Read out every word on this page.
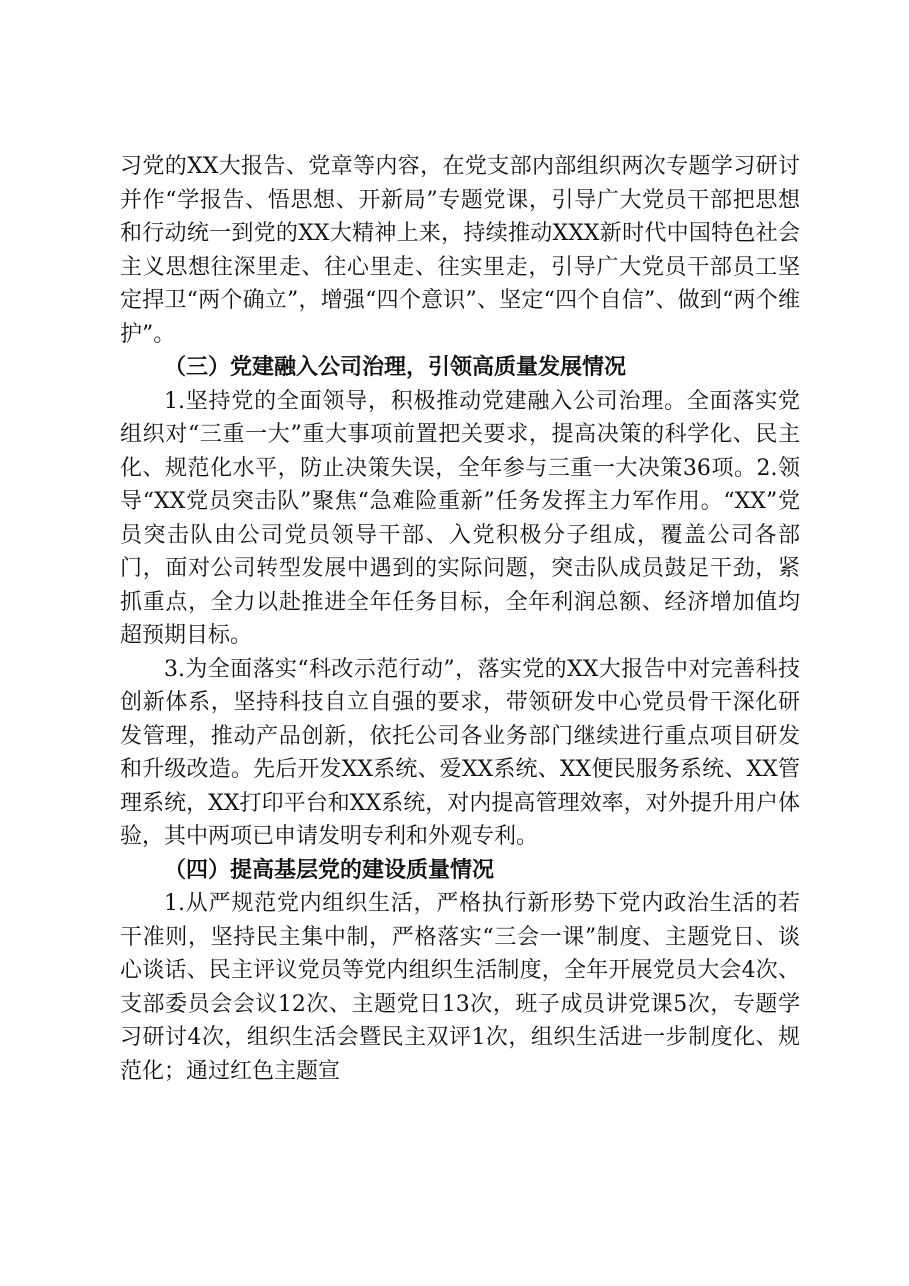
习党的XX大报告、党章等内容，在党支部内部组织两次专题学习研讨并作“学报告、悟思想、开新局”专题党课，引导广大党员干部把思想和行动统一到党的XX大精神上来，持续推动XXX新时代中国特色社会主义思想往深里走、往心里走、往实里走，引导广大党员干部员工坚定捍卫“两个确立”，增强“四个意识”、坚定“四个自信”、做到“两个维护”。

（三）党建融入公司治理，引领高质量发展情况

1.坚持党的全面领导，积极推动党建融入公司治理。全面落实党组织对“三重一大”重大事项前置把关要求，提高决策的科学化、民主化、规范化水平，防止决策失误，全年参与三重一大决策36项。2.领导“XX党员突击队”聚焦“急难险重新”任务发挥主力军作用。“XX”党员突击队由公司党员领导干部、入党积极分子组成，覆盖公司各部门，面对公司转型发展中遇到的实际问题，突击队成员鼓足干劲，紧抓重点，全力以赴推进全年任务目标，全年利润总额、经济增加值均超预期目标。

3.为全面落实“科改示范行动”，落实党的XX大报告中对完善科技创新体系，坚持科技自立自强的要求，带领研发中心党员骨干深化研发管理，推动产品创新，依托公司各业务部门继续进行重点项目研发和升级改造。先后开发XX系统、爱XX系统、XX便民服务系统、XX管理系统，XX打印平台和XX系统，对内提高管理效率，对外提升用户体验，其中两项已申请发明专利和外观专利。

（四）提高基层党的建设质量情况

1.从严规范党内组织生活，严格执行新形势下党内政治生活的若干准则，坚持民主集中制，严格落实“三会一课”制度、主题党日、谈心谈话、民主评议党员等党内组织生活制度，全年开展党员大会4次、支部委员会会议12次、主题党日13次，班子成员讲党课5次，专题学习研讨4次，组织生活会暨民主双评1次，组织生活进一步制度化、规范化；通过红色主题宣
